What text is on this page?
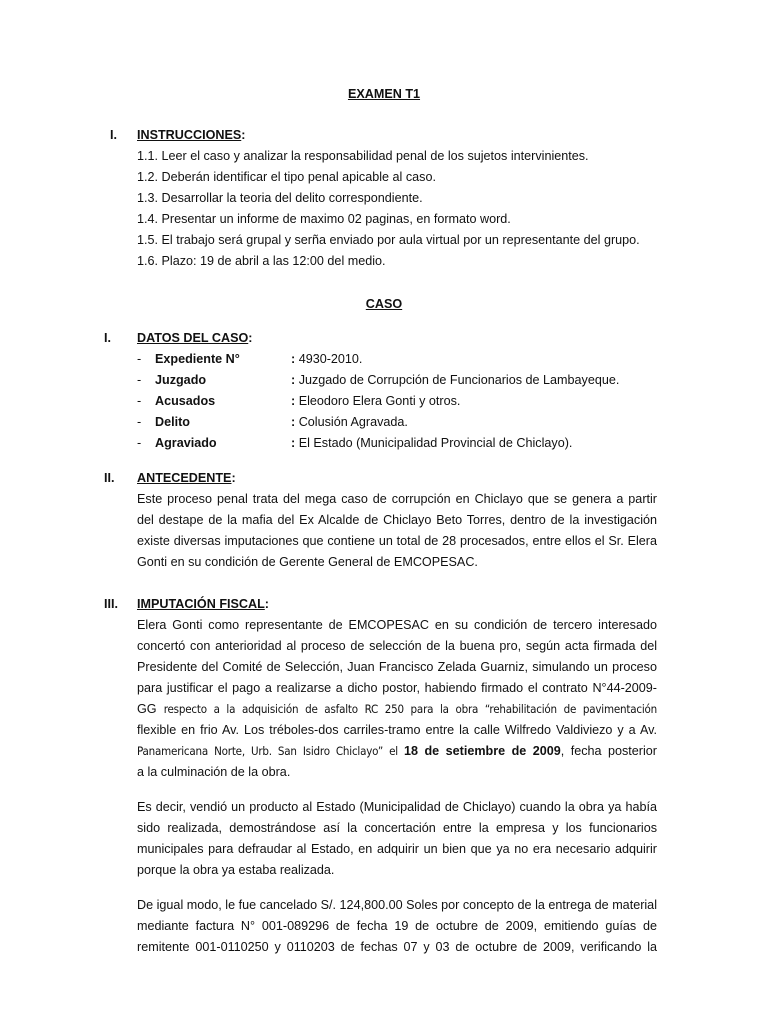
EXAMEN T1
I. INSTRUCCIONES:
1.1. Leer el caso y analizar la responsabilidad penal de los sujetos intervinientes.
1.2. Deberán identificar el tipo penal apicable al caso.
1.3. Desarrollar la teoria del delito correspondiente.
1.4. Presentar un informe de maximo 02 paginas, en formato word.
1.5. El trabajo será grupal y serña enviado por aula virtual por un representante del grupo.
1.6. Plazo: 19 de abril a las 12:00 del medio.
CASO
I. DATOS DEL CASO:
- Expediente N°	: 4930-2010.
- Juzgado	: Juzgado de Corrupción de Funcionarios de Lambayeque.
- Acusados	: Eleodoro Elera Gonti y otros.
- Delito	: Colusión Agravada.
- Agraviado	: El Estado (Municipalidad Provincial de Chiclayo).
II. ANTECEDENTE:
Este proceso penal trata del mega caso de corrupción en Chiclayo que se genera a partir
del destape de la mafia del Ex Alcalde de Chiclayo Beto Torres, dentro de la investigación
existe diversas imputaciones que contiene un total de 28 procesados, entre ellos el Sr. Elera
Gonti en su condición de Gerente General de EMCOPESAC.
III. IMPUTACIÓN FISCAL:
Elera Gonti como representante de EMCOPESAC en su condición de tercero interesado
concertó con anterioridad al proceso de selección de la buena pro, según acta firmada del
Presidente del Comité de Selección, Juan Francisco Zelada Guarniz, simulando un proceso
para justificar el pago a realizarse a dicho postor, habiendo firmado el contrato N°44-2009-
GG respecto a la adquisición de asfalto RC 250 para la obra “rehabilitación de pavimentación
flexible en frio Av. Los tréboles-dos carriles-tramo entre la calle Wilfredo Valdiviezo y a Av.
Panamericana Norte, Urb. San Isidro Chiclayo” el 18 de setiembre de 2009, fecha posterior
a la culminación de la obra.
Es decir, vendió un producto al Estado (Municipalidad de Chiclayo) cuando la obra ya había
sido realizada, demostrándose así la concertación entre la empresa y los funcionarios
municipales para defraudar al Estado, en adquirir un bien que ya no era necesario adquirir
porque la obra ya estaba realizada.
De igual modo, le fue cancelado S/. 124,800.00 Soles por concepto de la entrega de material
mediante factura N° 001-089296 de fecha 19 de octubre de 2009, emitiendo guías de
remitente 001-0110250 y 0110203 de fechas 07 y 03 de octubre de 2009, verificando la
